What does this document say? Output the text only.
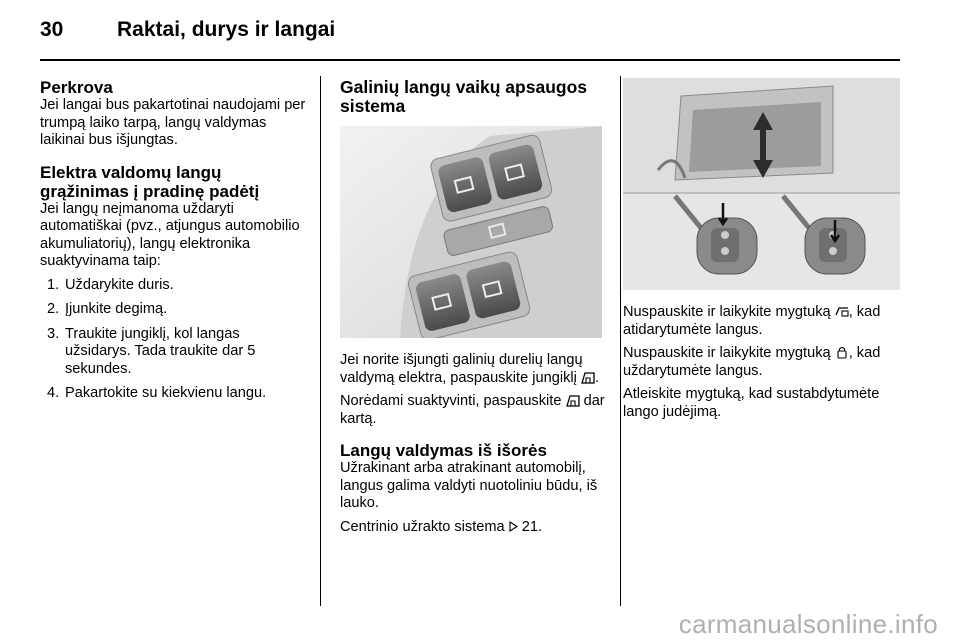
30	Raktai, durys ir langai
Perkrova

Jei langai bus pakartotinai naudojami per trumpą laiko tarpą, langų valdymas laikinai bus išjungtas.

Elektra valdomų langų grąžinimas į pradinę padėtį

Jei langų neįmanoma uždaryti automatiškai (pvz., atjungus automobilio akumuliatorių), langų elektronika suaktyvinama taip:

1. Uždarykite duris.
2. Įjunkite degimą.
3. Traukite jungiklį, kol langas užsidarys. Tada traukite dar 5 sekundes.
4. Pakartokite su kiekvienu langu.
Galinių langų vaikų apsaugos sistema

Jei norite išjungti galinių durelių langų valdymą elektra, paspauskite jungiklį .

Norėdami suaktyvinti, paspauskite dar kartą.

Langų valdymas iš išorės

Užrakinant arba atrakinant automobilį, langus galima valdyti nuotoliniu būdu, iš lauko.

Centrinio užrakto sistema 21.

Nuspauskite ir laikykite mygtuką , kad atidarytumėte langus.

Nuspauskite ir laikykite mygtuką , kad uždarytumėte langus.

Atleiskite mygtuką, kad sustabdytumėte lango judėjimą.

carmanualsonline.info
